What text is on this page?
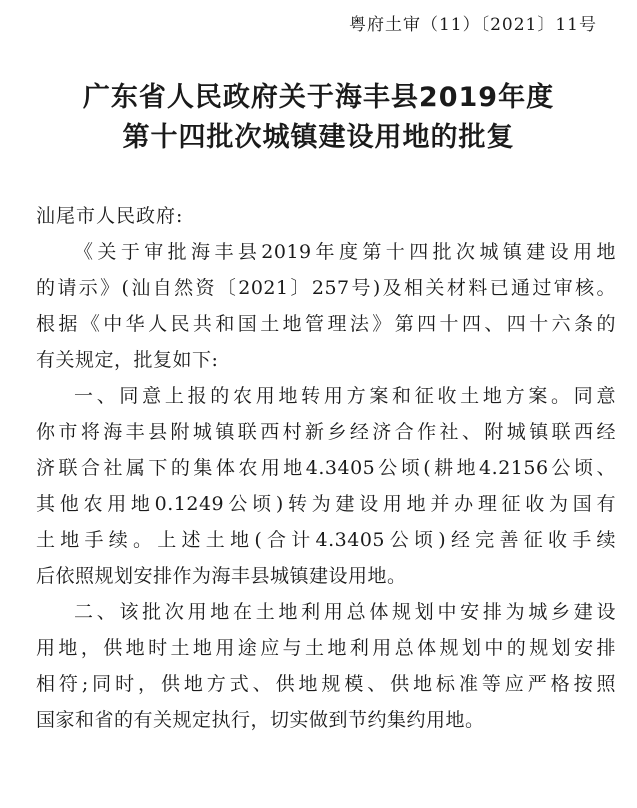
粤府土审（11）〔2021〕11号
广东省人民政府关于海丰县2019年度
第十四批次城镇建设用地的批复
汕尾市人民政府:
《关于审批海丰县2019年度第十四批次城镇建设用地
的请示》(汕自然资〔2021〕257号)及相关材料已通过审核。
根据《中华人民共和国土地管理法》第四十四、四十六条的
有关规定，批复如下:
一、同意上报的农用地转用方案和征收土地方案。同意
你市将海丰县附城镇联西村新乡经济合作社、附城镇联西经
济联合社属下的集体农用地4.3405公顷(耕地4.2156公顷、
其他农用地0.1249公顷)转为建设用地并办理征收为国有
土地手续。上述土地(合计4.3405公顷)经完善征收手续
后依照规划安排作为海丰县城镇建设用地。
二、该批次用地在土地利用总体规划中安排为城乡建设
用地，供地时土地用途应与土地利用总体规划中的规划安排
相符;同时，供地方式、供地规模、供地标准等应严格按照
国家和省的有关规定执行，切实做到节约集约用地。
